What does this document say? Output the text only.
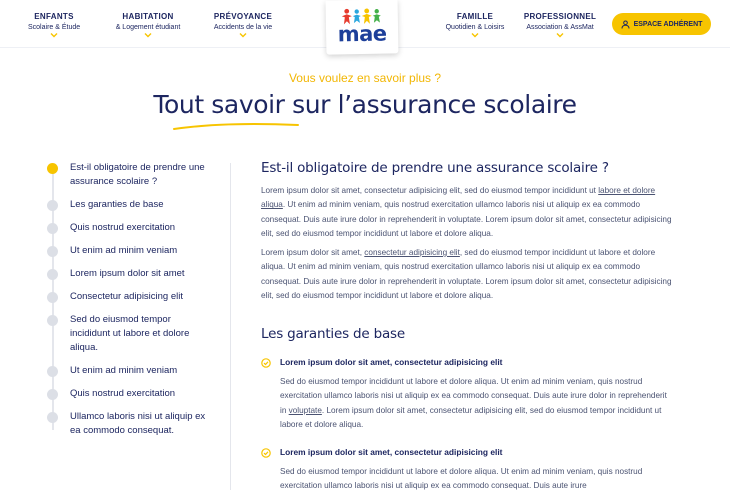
ENFANTS
Scolaire & Étude
HABITATION
& Logement étudiant
PRÉVOYANCE
Accidents de la vie	mae
FAMILLE
Quotidien & Loisirs
PROFESSIONNEL
Association & AssMat	ESPACE ADHÉRENT
Vous voulez en savoir plus ?
Tout savoir sur l’assurance scolaire
Est-il obligatoire de prendre une assurance scolaire ?
Les garanties de base
Quis nostrud exercitation
Ut enim ad minim veniam
Lorem ipsum dolor sit amet
Consectetur adipisicing elit
Sed do eiusmod tempor incididunt ut labore et dolore aliqua.
Ut enim ad minim veniam
Quis nostrud exercitation
Ullamco laboris nisi ut aliquip ex ea commodo consequat.
Est-il obligatoire de prendre une assurance scolaire ?

Lorem ipsum dolor sit amet, consectetur adipisicing elit, sed do eiusmod tempor incididunt ut labore et dolore aliqua. Ut enim ad minim veniam, quis nostrud exercitation ullamco laboris nisi ut aliquip ex ea commodo consequat. Duis aute irure dolor in reprehenderit in voluptate. Lorem ipsum dolor sit amet, consectetur adipisicing elit, sed do eiusmod tempor incididunt ut labore et dolore aliqua.

Lorem ipsum dolor sit amet, consectetur adipisicing elit, sed do eiusmod tempor incididunt ut labore et dolore aliqua. Ut enim ad minim veniam, quis nostrud exercitation ullamco laboris nisi ut aliquip ex ea commodo consequat. Duis aute irure dolor in reprehenderit in voluptate. Lorem ipsum dolor sit amet, consectetur adipisicing elit, sed do eiusmod tempor incididunt ut labore et dolore aliqua.

Les garanties de base
Lorem ipsum dolor sit amet, consectetur adipisicing elit

Sed do eiusmod tempor incididunt ut labore et dolore aliqua. Ut enim ad minim veniam, quis nostrud exercitation ullamco laboris nisi ut aliquip ex ea commodo consequat. Duis aute irure dolor in reprehenderit in voluptate. Lorem ipsum dolor sit amet, consectetur adipisicing elit, sed do eiusmod tempor incididunt ut labore et dolore aliqua.

Lorem ipsum dolor sit amet, consectetur adipisicing elit

Sed do eiusmod tempor incididunt ut labore et dolore aliqua. Ut enim ad minim veniam, quis nostrud exercitation ullamco laboris nisi ut aliquip ex ea commodo consequat. Duis aute irure
